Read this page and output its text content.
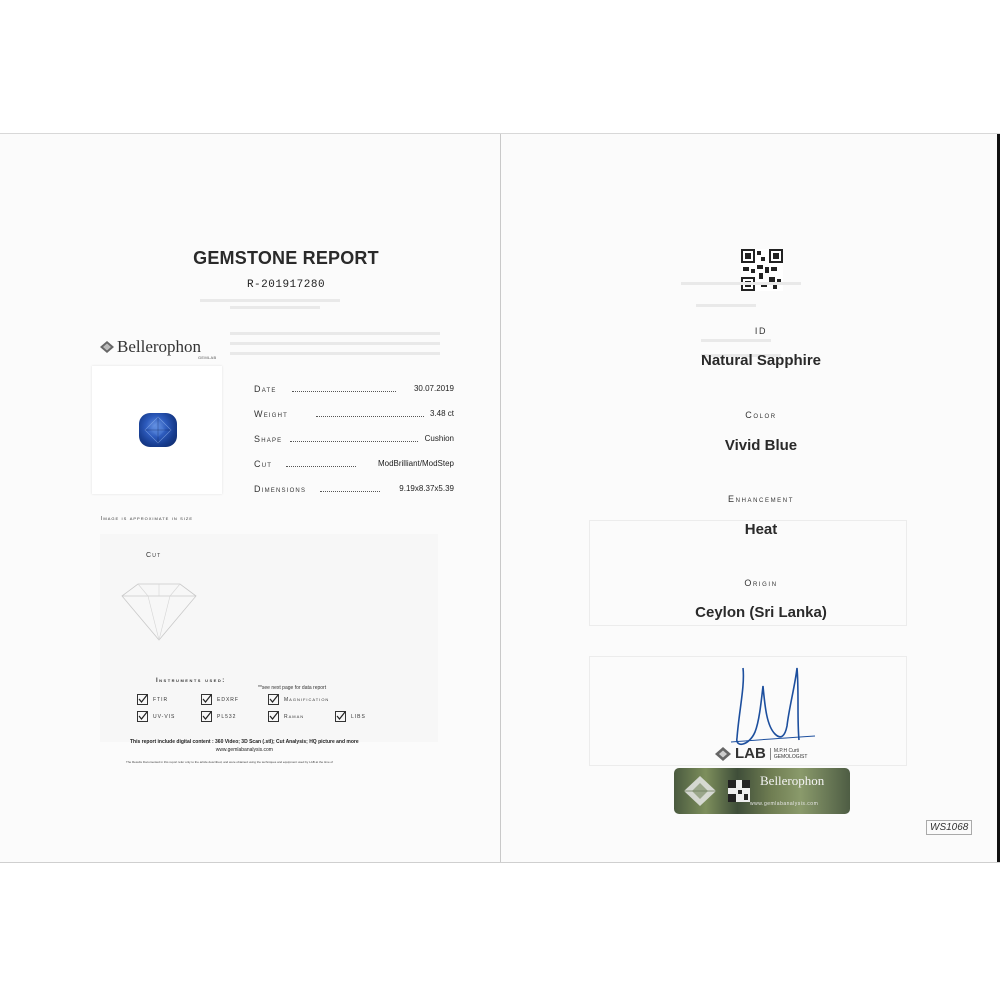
GEMSTONE REPORT
R-201917280
Bellerophon
GEMLAB
Date	30.07.2019
Weight	3.48 ct
Shape	Cushion
Cut	ModBrilliant/ModStep
Dimensions	9.19x8.37x5.39
Image is approximate in size
Cut
Instruments used:
**see next page for data report
FTIR	EDXRF	Magnification
UV-VIS	PL532	Raman	LIBS
This report include digital content : 360 Video; 3D Scan (.stl); Cut Analysis; HQ picture and more
www.gemlabanalysis.com
The Results Documented in this report refer only to the article described, and were obtained using the techniques and equipment used by LAB at the time of
ID
Natural Sapphire
Color
Vivid Blue
Enhancement
Heat
Origin
Ceylon (Sri Lanka)
LAB	M.P.H Curti
GEMOLOGIST
Bellerophon
www.gemlabanalysis.com
WS1068
